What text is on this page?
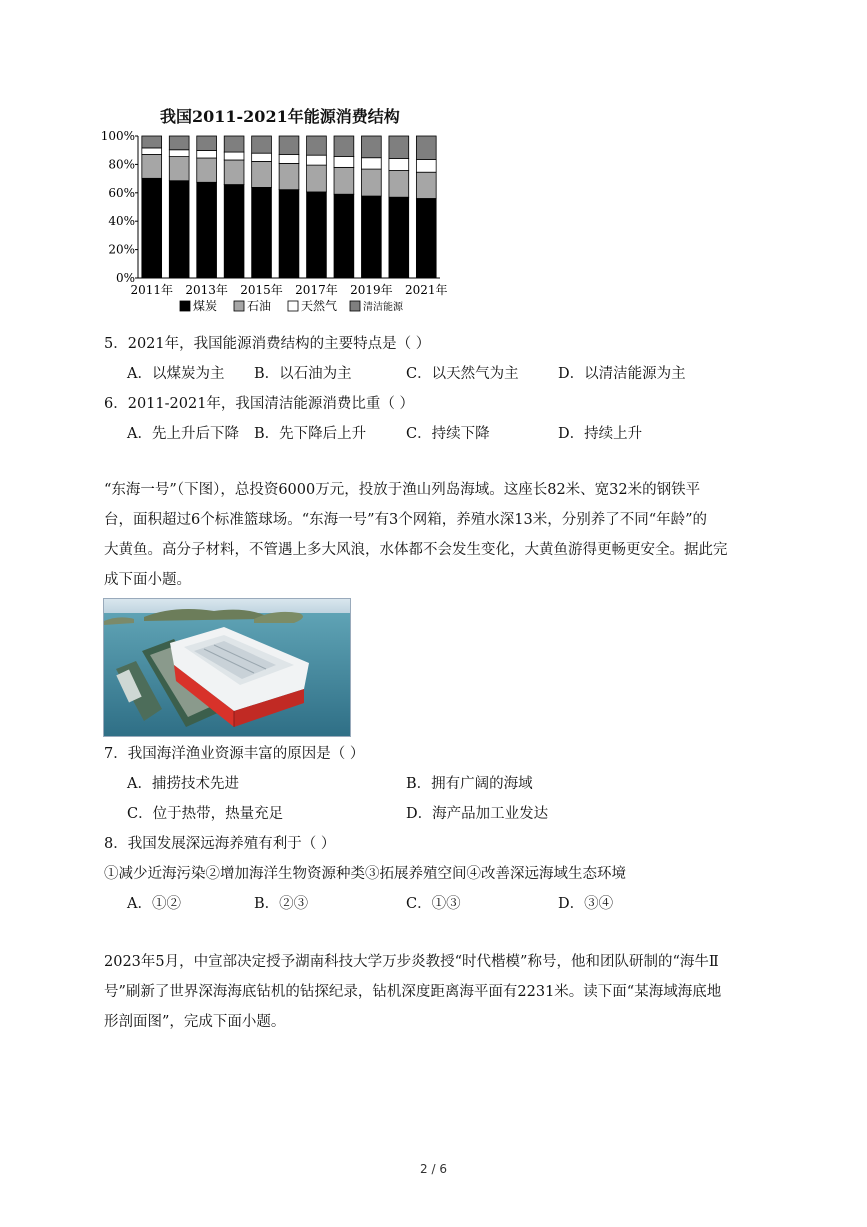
我国2011-2021年能源消费结构
0%
20%
40%
60%
80%
100%
2011年 2013年 2015年 2017年 2019年 2021年
煤炭 石油 天然气	清洁能源
5．2021年，我国能源消费结构的主要特点是（ ）
A．以煤炭为主 B．以石油为主	C．以天然气为主	D．以清洁能源为主
6．2011-2021年，我国清洁能源消费比重（ ）
A．先上升后下降 B．先下降后上升	C．持续下降	D．持续上升
“东海一号”（下图），总投资6000万元，投放于渔山列岛海域。这座长82米、宽32米的钢铁平
台，面积超过6个标准篮球场。“东海一号”有3个网箱，养殖水深13米，分别养了不同“年龄”的
大黄鱼。高分子材料，不管遇上多大风浪，水体都不会发生变化，大黄鱼游得更畅更安全。据此完
成下面小题。
7．我国海洋渔业资源丰富的原因是（ ）
A．捕捞技术先进	B．拥有广阔的海域
C．位于热带，热量充足	D．海产品加工业发达
8．我国发展深远海养殖有利于（ ）
①减少近海污染②增加海洋生物资源种类③拓展养殖空间④改善深远海域生态环境
A．①②	B．②③	C．①③	D．③④
2023年5月，中宣部决定授予湖南科技大学万步炎教授“时代楷模”称号，他和团队研制的“海牛Ⅱ
号”刷新了世界深海海底钻机的钻探纪录，钻机深度距离海平面有2231米。读下面“某海域海底地
形剖面图”，完成下面小题。
2 / 6
